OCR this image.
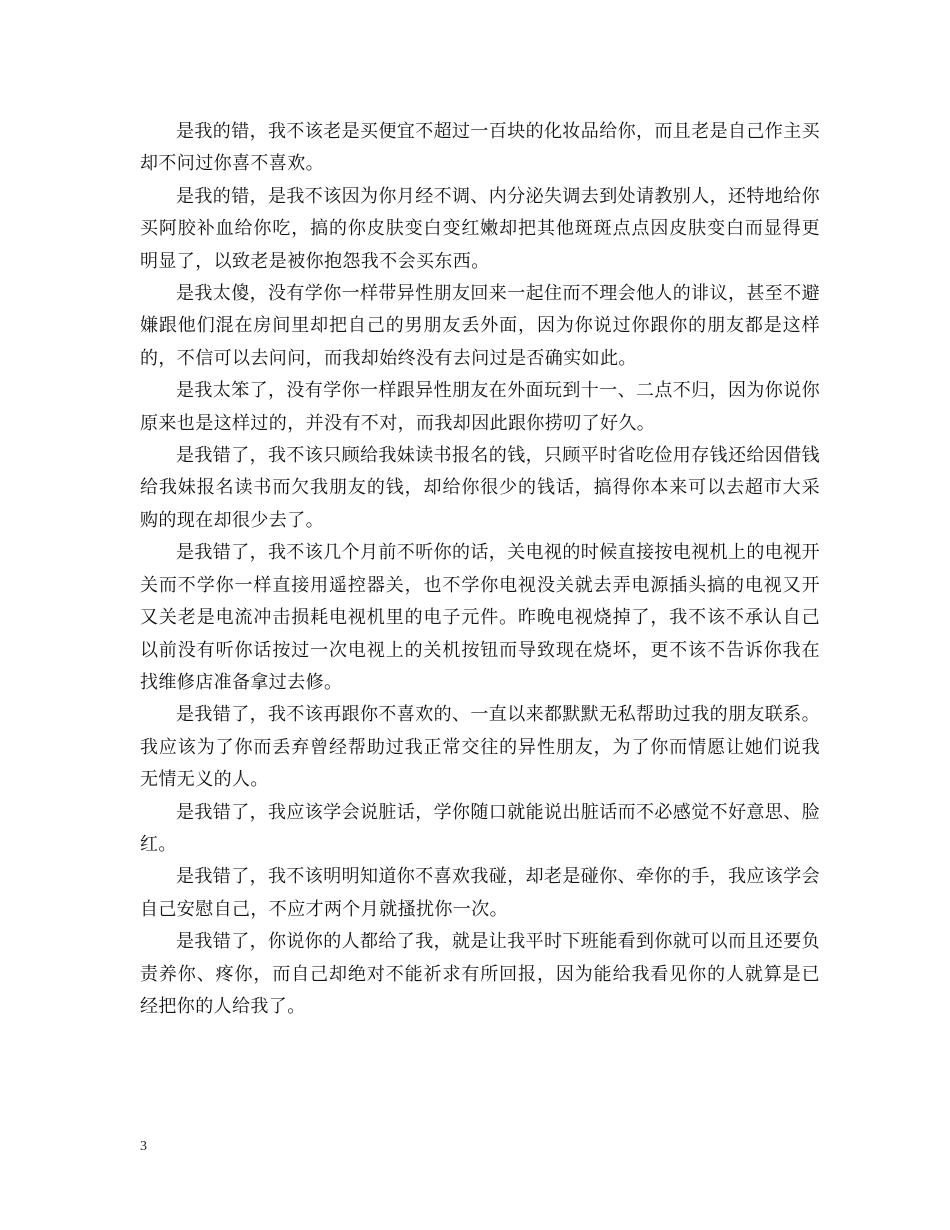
是我的错，我不该老是买便宜不超过一百块的化妆品给你，而且老是自己作主买却不问过你喜不喜欢。

是我的错，是我不该因为你月经不调、内分泌失调去到处请教别人，还特地给你买阿胶补血给你吃，搞的你皮肤变白变红嫩却把其他斑斑点点因皮肤变白而显得更明显了，以致老是被你抱怨我不会买东西。

是我太傻，没有学你一样带异性朋友回来一起住而不理会他人的诽议，甚至不避嫌跟他们混在房间里却把自己的男朋友丢外面，因为你说过你跟你的朋友都是这样的，不信可以去问问，而我却始终没有去问过是否确实如此。

是我太笨了，没有学你一样跟异性朋友在外面玩到十一、二点不归，因为你说你原来也是这样过的，并没有不对，而我却因此跟你捞叨了好久。

是我错了，我不该只顾给我妹读书报名的钱，只顾平时省吃俭用存钱还给因借钱给我妹报名读书而欠我朋友的钱，却给你很少的钱话，搞得你本来可以去超市大采购的现在却很少去了。

是我错了，我不该几个月前不听你的话，关电视的时候直接按电视机上的电视开关而不学你一样直接用遥控器关，也不学你电视没关就去弄电源插头搞的电视又开又关老是电流冲击损耗电视机里的电子元件。昨晚电视烧掉了，我不该不承认自己以前没有听你话按过一次电视上的关机按钮而导致现在烧坏，更不该不告诉你我在找维修店准备拿过去修。

是我错了，我不该再跟你不喜欢的、一直以来都默默无私帮助过我的朋友联系。我应该为了你而丢弃曾经帮助过我正常交往的异性朋友，为了你而情愿让她们说我无情无义的人。

是我错了，我应该学会说脏话，学你随口就能说出脏话而不必感觉不好意思、脸红。

是我错了，我不该明明知道你不喜欢我碰，却老是碰你、牵你的手，我应该学会自己安慰自己，不应才两个月就搔扰你一次。

是我错了，你说你的人都给了我，就是让我平时下班能看到你就可以而且还要负责养你、疼你，而自己却绝对不能祈求有所回报，因为能给我看见你的人就算是已经把你的人给我了。

3
